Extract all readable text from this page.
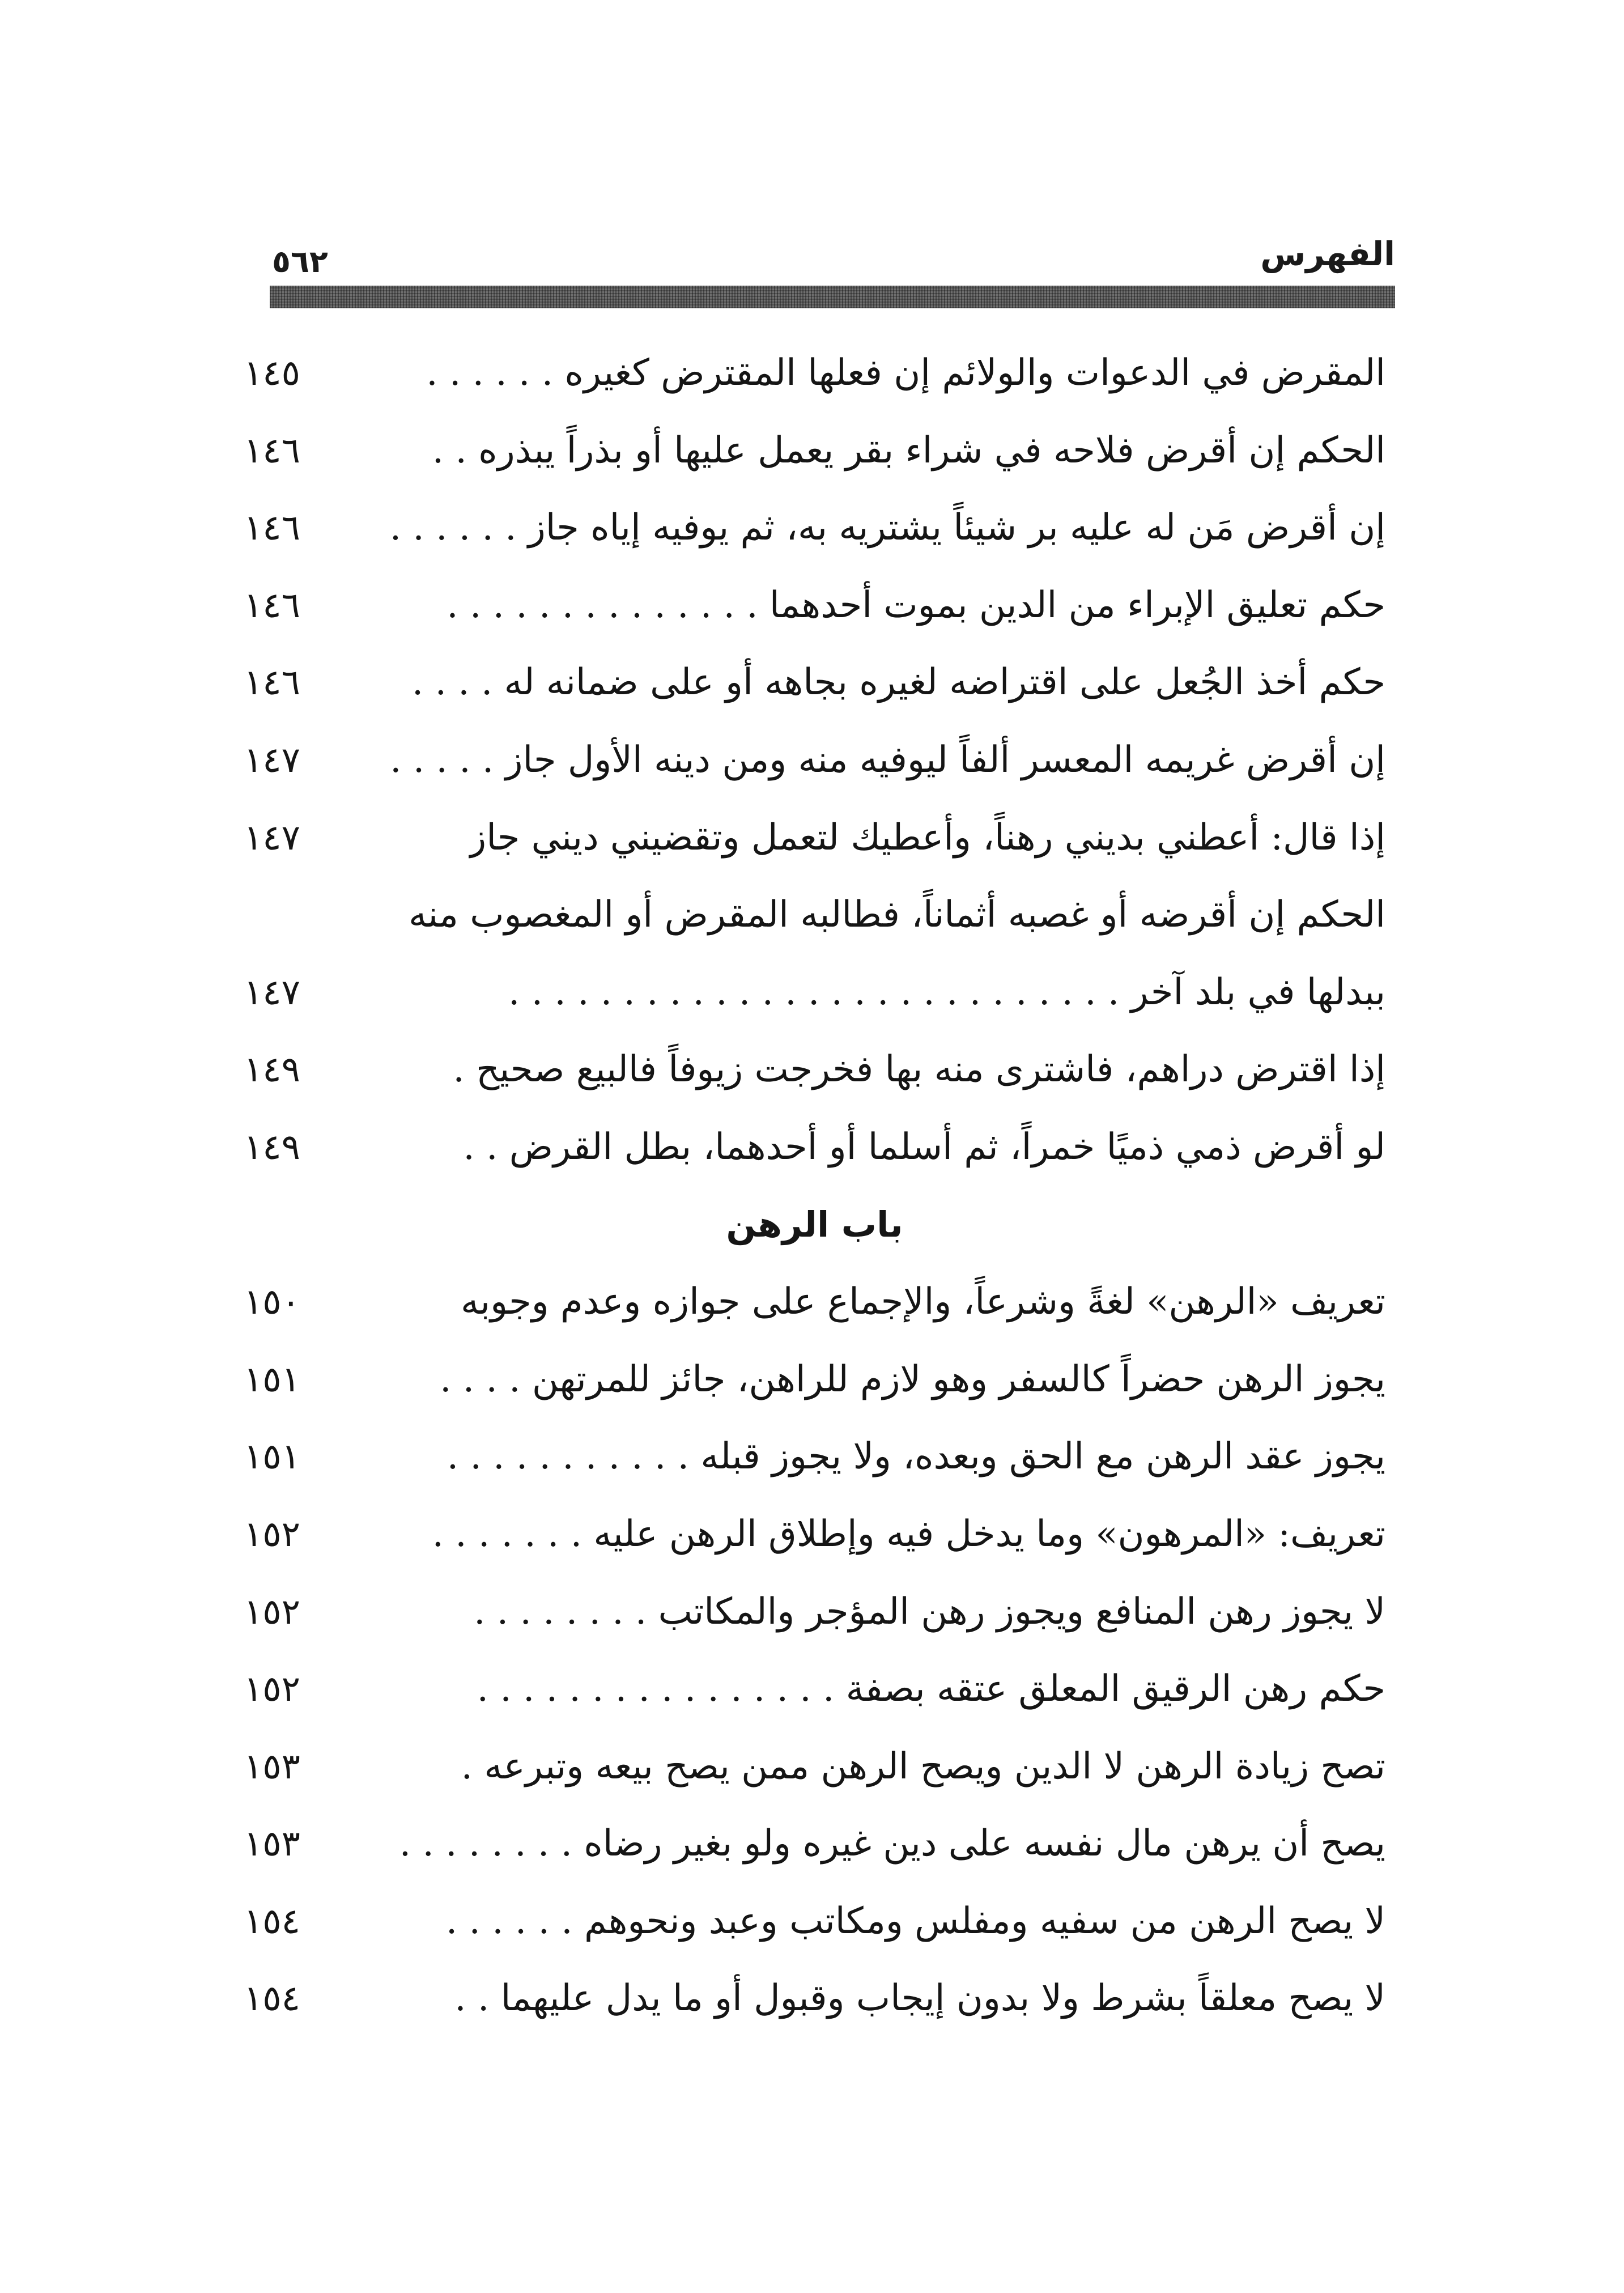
الفهرس
٥٦٢
المقرض في الدعوات والولائم إن فعلها المقترض كغيره . . . . . .
١٤٥
الحكم إن أقرض فلاحه في شراء بقر يعمل عليها أو بذراً يبذره . .
١٤٦
إن أقرض مَن له عليه بر شيئاً يشتريه به، ثم يوفيه إياه جاز . . . . . .
١٤٦
حكم تعليق الإبراء من الدين بموت أحدهما . . . . . . . . . . . . . .
١٤٦
حكم أخذ الجُعل على اقتراضه لغيره بجاهه أو على ضمانه له . . . .
١٤٦
إن أقرض غريمه المعسر ألفاً ليوفيه منه ومن دينه الأول جاز . . . . .
١٤٧
إذا قال: أعطني بديني رهناً، وأعطيك لتعمل وتقضيني ديني جاز
١٤٧
الحكم إن أقرضه أو غصبه أثماناً، فطالبه المقرض أو المغصوب منه
ببدلها في بلد آخر . . . . . . . . . . . . . . . . . . . . . . . . . . .
١٤٧
إذا اقترض دراهم، فاشترى منه بها فخرجت زيوفاً فالبيع صحيح .
١٤٩
لو أقرض ذمي ذميًا خمراً، ثم أسلما أو أحدهما، بطل القرض . .
١٤٩
باب الرهن
تعريف «الرهن» لغةً وشرعاً، والإجماع على جوازه وعدم وجوبه
١٥٠
يجوز الرهن حضراً كالسفر وهو لازم للراهن، جائز للمرتهن . . . .
١٥١
يجوز عقد الرهن مع الحق وبعده، ولا يجوز قبله . . . . . . . . . . .
١٥١
تعريف: «المرهون» وما يدخل فيه وإطلاق الرهن عليه . . . . . . .
١٥٢
لا يجوز رهن المنافع ويجوز رهن المؤجر والمكاتب . . . . . . . .
١٥٢
حكم رهن الرقيق المعلق عتقه بصفة . . . . . . . . . . . . . . . .
١٥٢
تصح زيادة الرهن لا الدين ويصح الرهن ممن يصح بيعه وتبرعه .
١٥٣
يصح أن يرهن مال نفسه على دين غيره ولو بغير رضاه . . . . . . . .
١٥٣
لا يصح الرهن من سفيه ومفلس ومكاتب وعبد ونحوهم . . . . . .
١٥٤
لا يصح معلقاً بشرط ولا بدون إيجاب وقبول أو ما يدل عليهما . .
١٥٤
